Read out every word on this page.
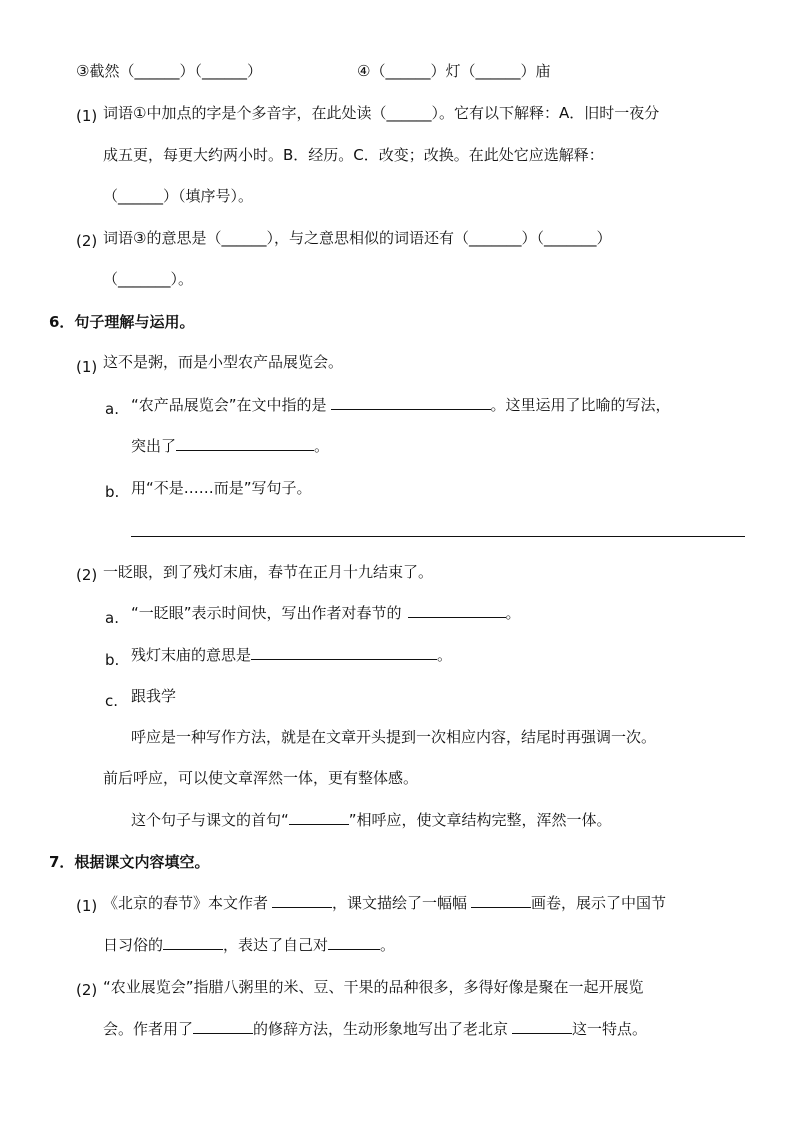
③截然（______）（______）	④（______）灯（______）庙
(1) 词语①中加点的字是个多音字，在此处读（______）。它有以下解释：A．旧时一夜分
成五更，每更大约两小时。B．经历。C．改变；改换。在此处它应选解释：
（______）（填序号）。
(2) 词语③的意思是（______），与之意思相似的词语还有（_______）（_______）
（_______）。
6．句子理解与运用。
(1) 这不是粥，而是小型农产品展览会。
a. “农产品展览会”在文中指的是	。这里运用了比喻的写法，
突出了	。
b. 用“不是……而是”写句子。
(2) 一眨眼，到了残灯末庙，春节在正月十九结束了。
a. “一眨眼”表示时间快，写出作者对春节的	。
b. 残灯末庙的意思是	。
c. 跟我学
呼应是一种写作方法，就是在文章开头提到一次相应内容，结尾时再强调一次。
前后呼应，可以使文章浑然一体，更有整体感。
这个句子与课文的首句“	”相呼应，使文章结构完整，浑然一体。
7．根据课文内容填空。
(1) 《北京的春节》本文作者	，课文描绘了一幅幅	画卷，展示了中国节
日习俗的	，表达了自己对	。
(2) “农业展览会”指腊八粥里的米、豆、干果的品种很多，多得好像是聚在一起开展览
会。作者用了	的修辞方法，生动形象地写出了老北京	这一特点。
